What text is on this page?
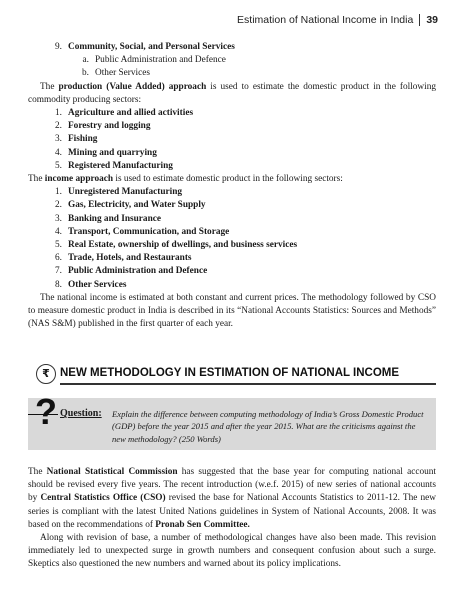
Estimation of National Income in India 39
9. Community, Social, and Personal Services
a. Public Administration and Defence
b. Other Services

The production (Value Added) approach is used to estimate the domestic product in the following commodity producing sectors:

1. Agriculture and allied activities
2. Forestry and logging
3. Fishing
4. Mining and quarrying
5. Registered Manufacturing

The income approach is used to estimate domestic product in the following sectors:

1. Unregistered Manufacturing
2. Gas, Electricity, and Water Supply
3. Banking and Insurance
4. Transport, Communication, and Storage
5. Real Estate, ownership of dwellings, and business services
6. Trade, Hotels, and Restaurants
7. Public Administration and Defence
8. Other Services

The national income is estimated at both constant and current prices. The methodology followed by CSO to measure domestic product in India is described in its “National Accounts Statistics: Sources and Methods” (NAS S&M) published in the first quarter of each year.

₹ NEW METHODOLOGY IN ESTIMATION OF NATIONAL INCOME
? Question: Explain the difference between computing methodology of India’s Gross Domestic Product (GDP) before the year 2015 and after the year 2015. What are the criticisms against the new methodology? (250 Words)

The National Statistical Commission has suggested that the base year for computing national account should be revised every five years. The recent introduction (w.e.f. 2015) of new series of national accounts by Central Statistics Office (CSO) revised the base for National Accounts Statistics to 2011-12. The new series is compliant with the latest United Nations guidelines in System of National Accounts, 2008. It was based on the recommendations of Pronab Sen Committee.

Along with revision of base, a number of methodological changes have also been made. This revision immediately led to unexpected surge in growth numbers and consequent confusion about such a surge. Skeptics also questioned the new numbers and warned about its policy implications.
